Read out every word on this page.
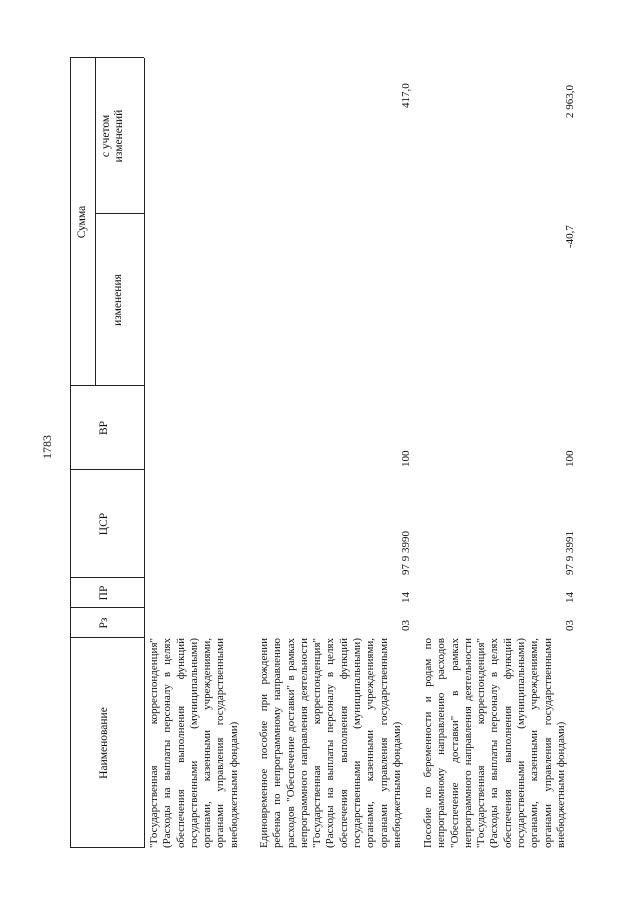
1783
Наименование
Рз
ПР
ЦСР
ВР
Сумма
изменения
с учетом изменений
"Государственная корреспонденция" (Расходы на выплаты персоналу в целях обеспечения выполнения функций государственными (муниципальными) органами, казенными учреждениями, органами управления государственными внебюджетными фондами) Единовременное пособие при рождении ребенка по непрограммному направлению расходов "Обеспечение доставки" в рамках непрограммного направления деятельности "Государственная корреспонденция" (Расходы на выплаты персоналу в целях обеспечения выполнения функций государственными (муниципальными) органами, казенными учреждениями, органами управления государственными внебюджетными фондами)
03
14
97 9 3990
100
417,0
Пособие по беременности и родам по непрограммному направлению расходов "Обеспечение доставки" в рамках непрограммного направления деятельности "Государственная корреспонденция" (Расходы на выплаты персоналу в целях обеспечения выполнения функций государственными (муниципальными) органами, казенными учреждениями, органами управления государственными внебюджетными фондами)
03
14
97 9 3991
100
-40,7
2 963,0
